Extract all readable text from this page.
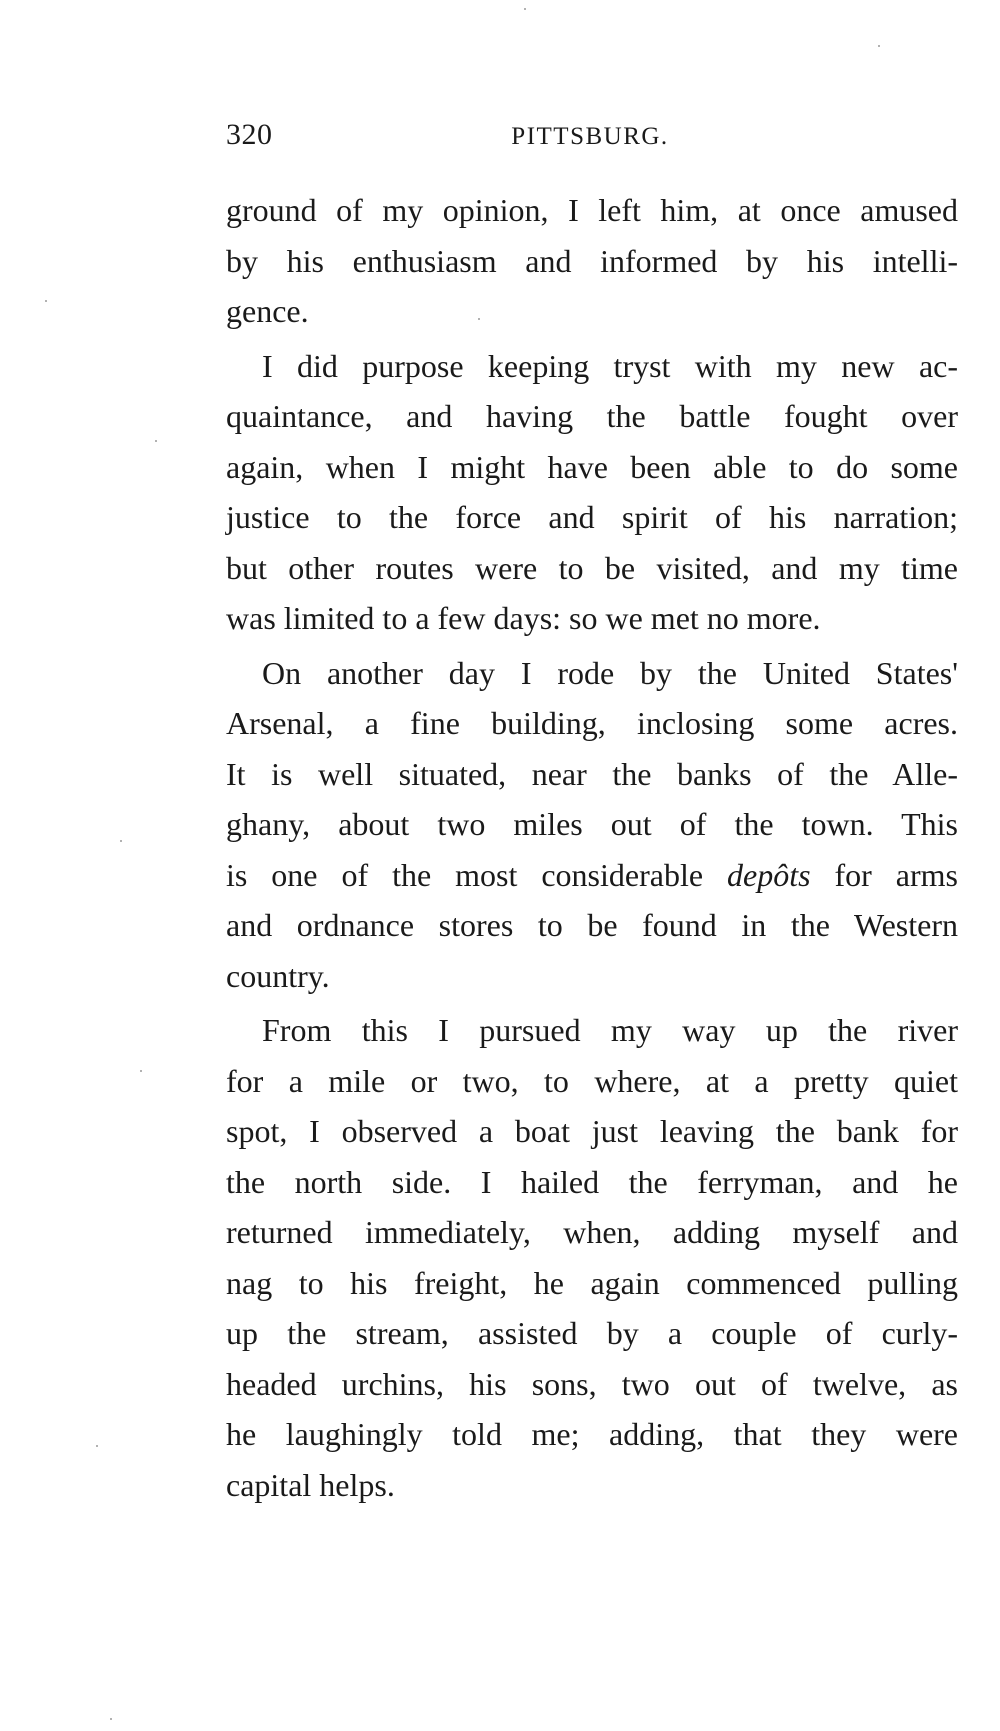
320	PITTSBURG.
ground of my opinion, I left him, at once amused
by his enthusiasm and informed by his intelli-
gence.
I did purpose keeping tryst with my new ac-
quaintance, and having the battle fought over
again, when I might have been able to do some
justice to the force and spirit of his narration;
but other routes were to be visited, and my time
was limited to a few days: so we met no more.
On another day I rode by the United States'
Arsenal, a fine building, inclosing some acres.
It is well situated, near the banks of the Alle-
ghany, about two miles out of the town. This
is one of the most considerable depôts for arms
and ordnance stores to be found in the Western
country.
From this I pursued my way up the river
for a mile or two, to where, at a pretty quiet
spot, I observed a boat just leaving the bank for
the north side. I hailed the ferryman, and he
returned immediately, when, adding myself and
nag to his freight, he again commenced pulling
up the stream, assisted by a couple of curly-
headed urchins, his sons, two out of twelve, as
he laughingly told me; adding, that they were
capital helps.
